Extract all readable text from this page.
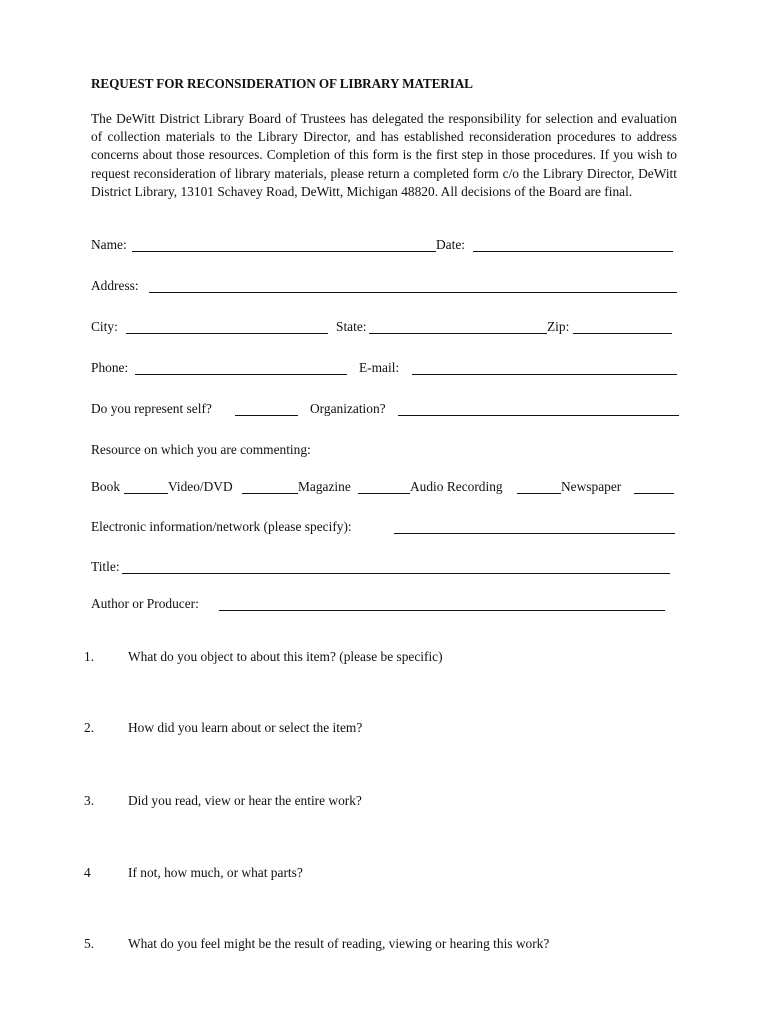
REQUEST FOR RECONSIDERATION OF LIBRARY MATERIAL
The DeWitt District Library Board of Trustees has delegated the responsibility for selection and evaluation of collection materials to the Library Director, and has established reconsideration procedures to address concerns about those resources. Completion of this form is the first step in those procedures. If you wish to request reconsideration of library materials, please return a completed form c/o the Library Director, DeWitt District Library, 13101 Schavey Road, DeWitt, Michigan 48820. All decisions of the Board are final.
Name:	Date:
Address:
City:	State:	Zip:
Phone:	E-mail:
Do you represent self?	Organization?
Resource on which you are commenting:
Book	Video/DVD	Magazine	Audio Recording	Newspaper
Electronic information/network (please specify):
Title:
Author or Producer:
1.	What do you object to about this item? (please be specific)
2.	How did you learn about or select the item?
3.	Did you read, view or hear the entire work?
4	If not, how much, or what parts?
5.	What do you feel might be the result of reading, viewing or hearing this work?
